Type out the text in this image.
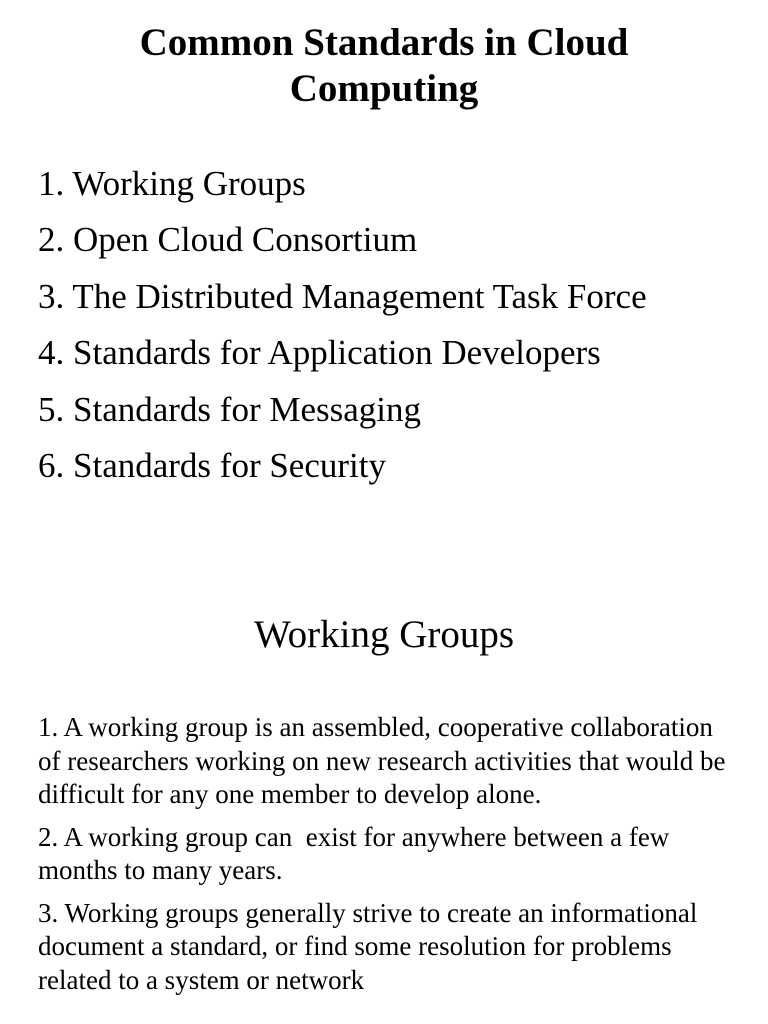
Common Standards in Cloud
Computing
1. Working Groups
2. Open Cloud Consortium
3. The Distributed Management Task Force
4. Standards for Application Developers
5. Standards for Messaging
6. Standards for Security
Working Groups

1. A working group is an assembled, cooperative collaboration of researchers working on new research activities that would be difficult for any one member to develop alone.

2. A working group can  exist for anywhere between a few months to many years.

3. Working groups generally strive to create an informational document a standard, or find some resolution for problems related to a system or network
